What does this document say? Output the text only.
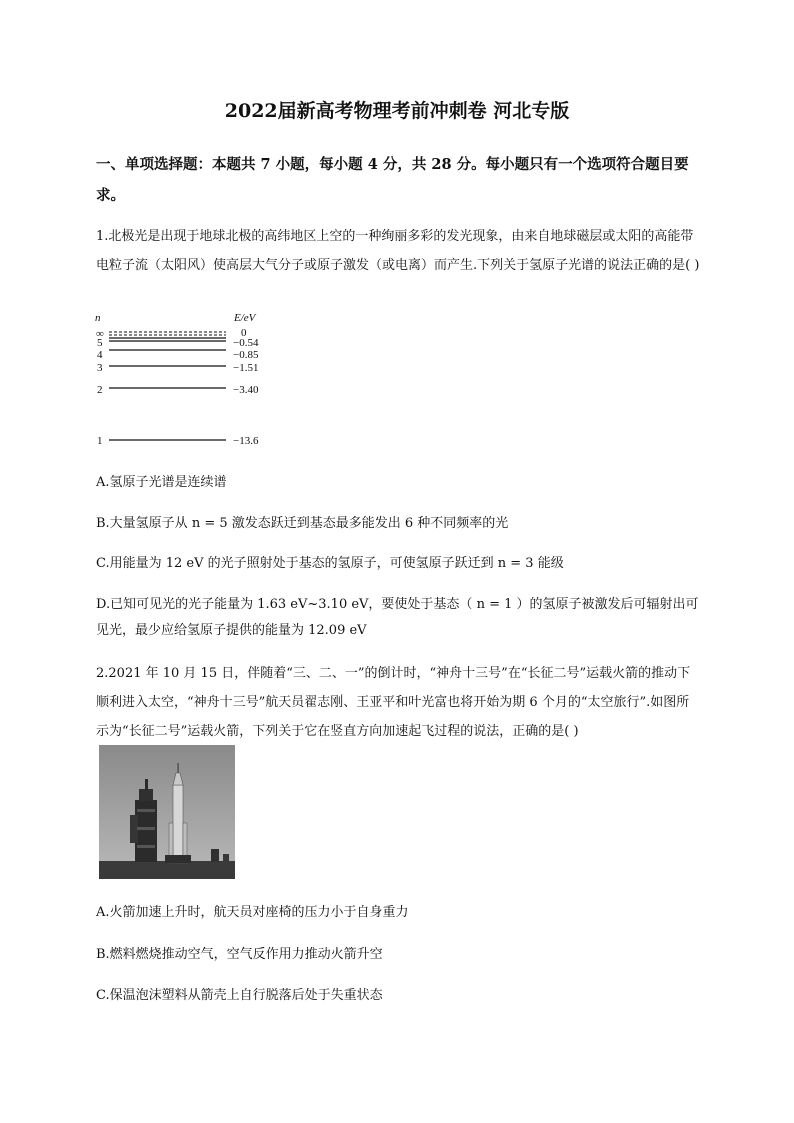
2022届新高考物理考前冲刺卷 河北专版
一、单项选择题：本题共 7 小题，每小题 4 分，共 28 分。每小题只有一个选项符合题目要求。
1.北极光是出现于地球北极的高纬地区上空的一种绚丽多彩的发光现象，由来自地球磁层或太阳的高能带电粒子流（太阳风）使高层大气分子或原子激发（或电离）而产生.下列关于氢原子光谱的说法正确的是( )
n	E/eV
∞	0
5	−0.54
4	−0.85
3	−1.51
2	−3.40
1	−13.6
A.氢原子光谱是连续谱
B.大量氢原子从 n = 5 激发态跃迁到基态最多能发出 6 种不同频率的光
C.用能量为 12 eV 的光子照射处于基态的氢原子，可使氢原子跃迁到 n = 3 能级
D.已知可见光的光子能量为 1.63 eV~3.10 eV，要使处于基态（ n = 1 ）的氢原子被激发后可辐射出可见光，最少应给氢原子提供的能量为 12.09 eV
2.2021 年 10 月 15 日，伴随着“三、二、一”的倒计时，“神舟十三号”在“长征二号”运载火箭的推动下顺利进入太空，“神舟十三号”航天员翟志刚、王亚平和叶光富也将开始为期 6 个月的“太空旅行”.如图所示为“长征二号”运载火箭，下列关于它在竖直方向加速起飞过程的说法，正确的是( )
A.火箭加速上升时，航天员对座椅的压力小于自身重力
B.燃料燃烧推动空气，空气反作用力推动火箭升空
C.保温泡沫塑料从箭壳上自行脱落后处于失重状态
